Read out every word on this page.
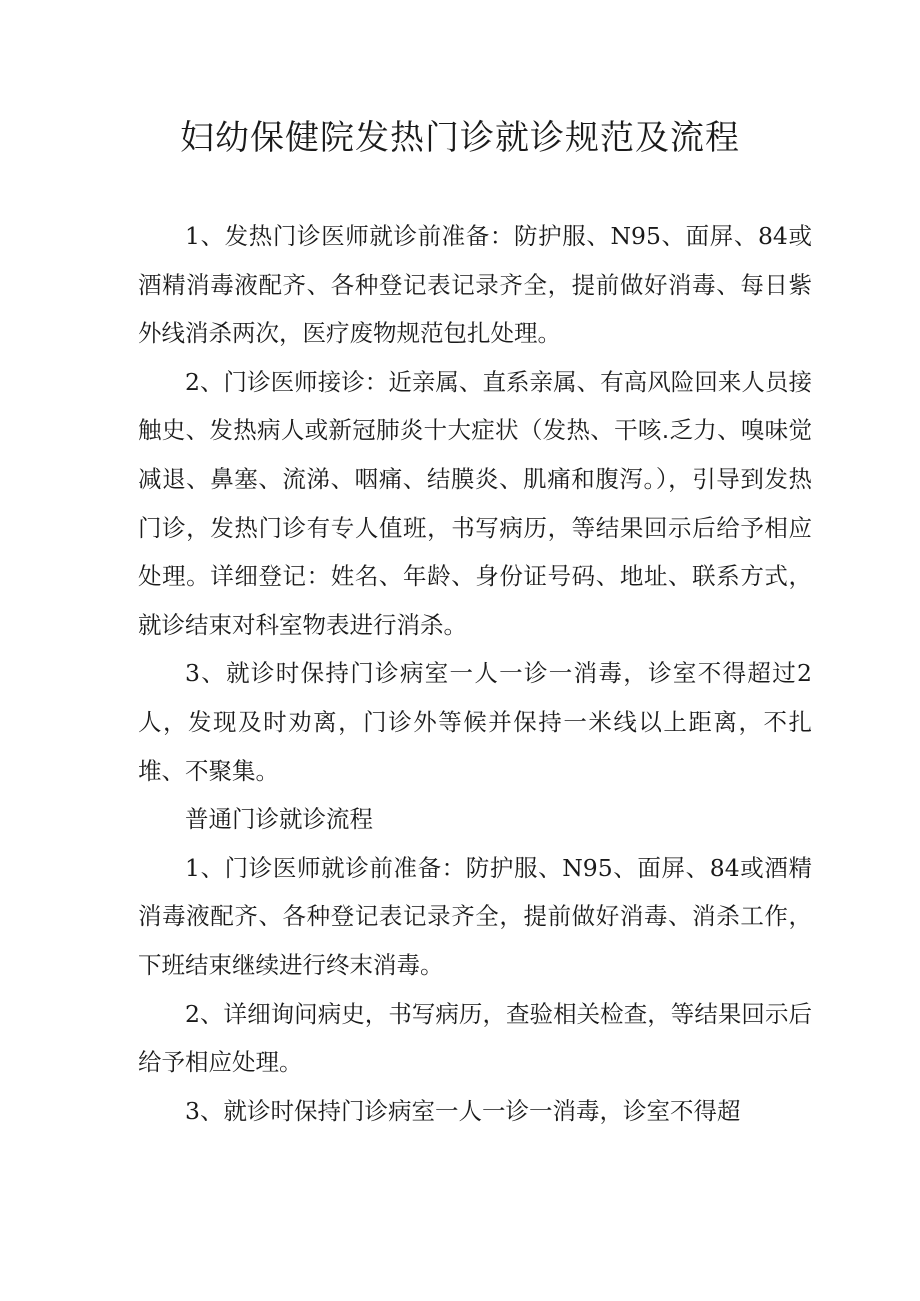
妇幼保健院发热门诊就诊规范及流程

1、发热门诊医师就诊前准备：防护服、N95、面屏、84或酒精消毒液配齐、各种登记表记录齐全，提前做好消毒、每日紫外线消杀两次，医疗废物规范包扎处理。

2、门诊医师接诊：近亲属、直系亲属、有高风险回来人员接触史、发热病人或新冠肺炎十大症状（发热、干咳.乏力、嗅味觉减退、鼻塞、流涕、咽痛、结膜炎、肌痛和腹泻。），引导到发热门诊，发热门诊有专人值班，书写病历，等结果回示后给予相应处理。详细登记：姓名、年龄、身份证号码、地址、联系方式，就诊结束对科室物表进行消杀。

3、就诊时保持门诊病室一人一诊一消毒，诊室不得超过2人，发现及时劝离，门诊外等候并保持一米线以上距离，不扎堆、不聚集。

普通门诊就诊流程

1、门诊医师就诊前准备：防护服、N95、面屏、84或酒精消毒液配齐、各种登记表记录齐全，提前做好消毒、消杀工作，下班结束继续进行终末消毒。

2、详细询问病史，书写病历，查验相关检查，等结果回示后给予相应处理。

3、就诊时保持门诊病室一人一诊一消毒，诊室不得超
